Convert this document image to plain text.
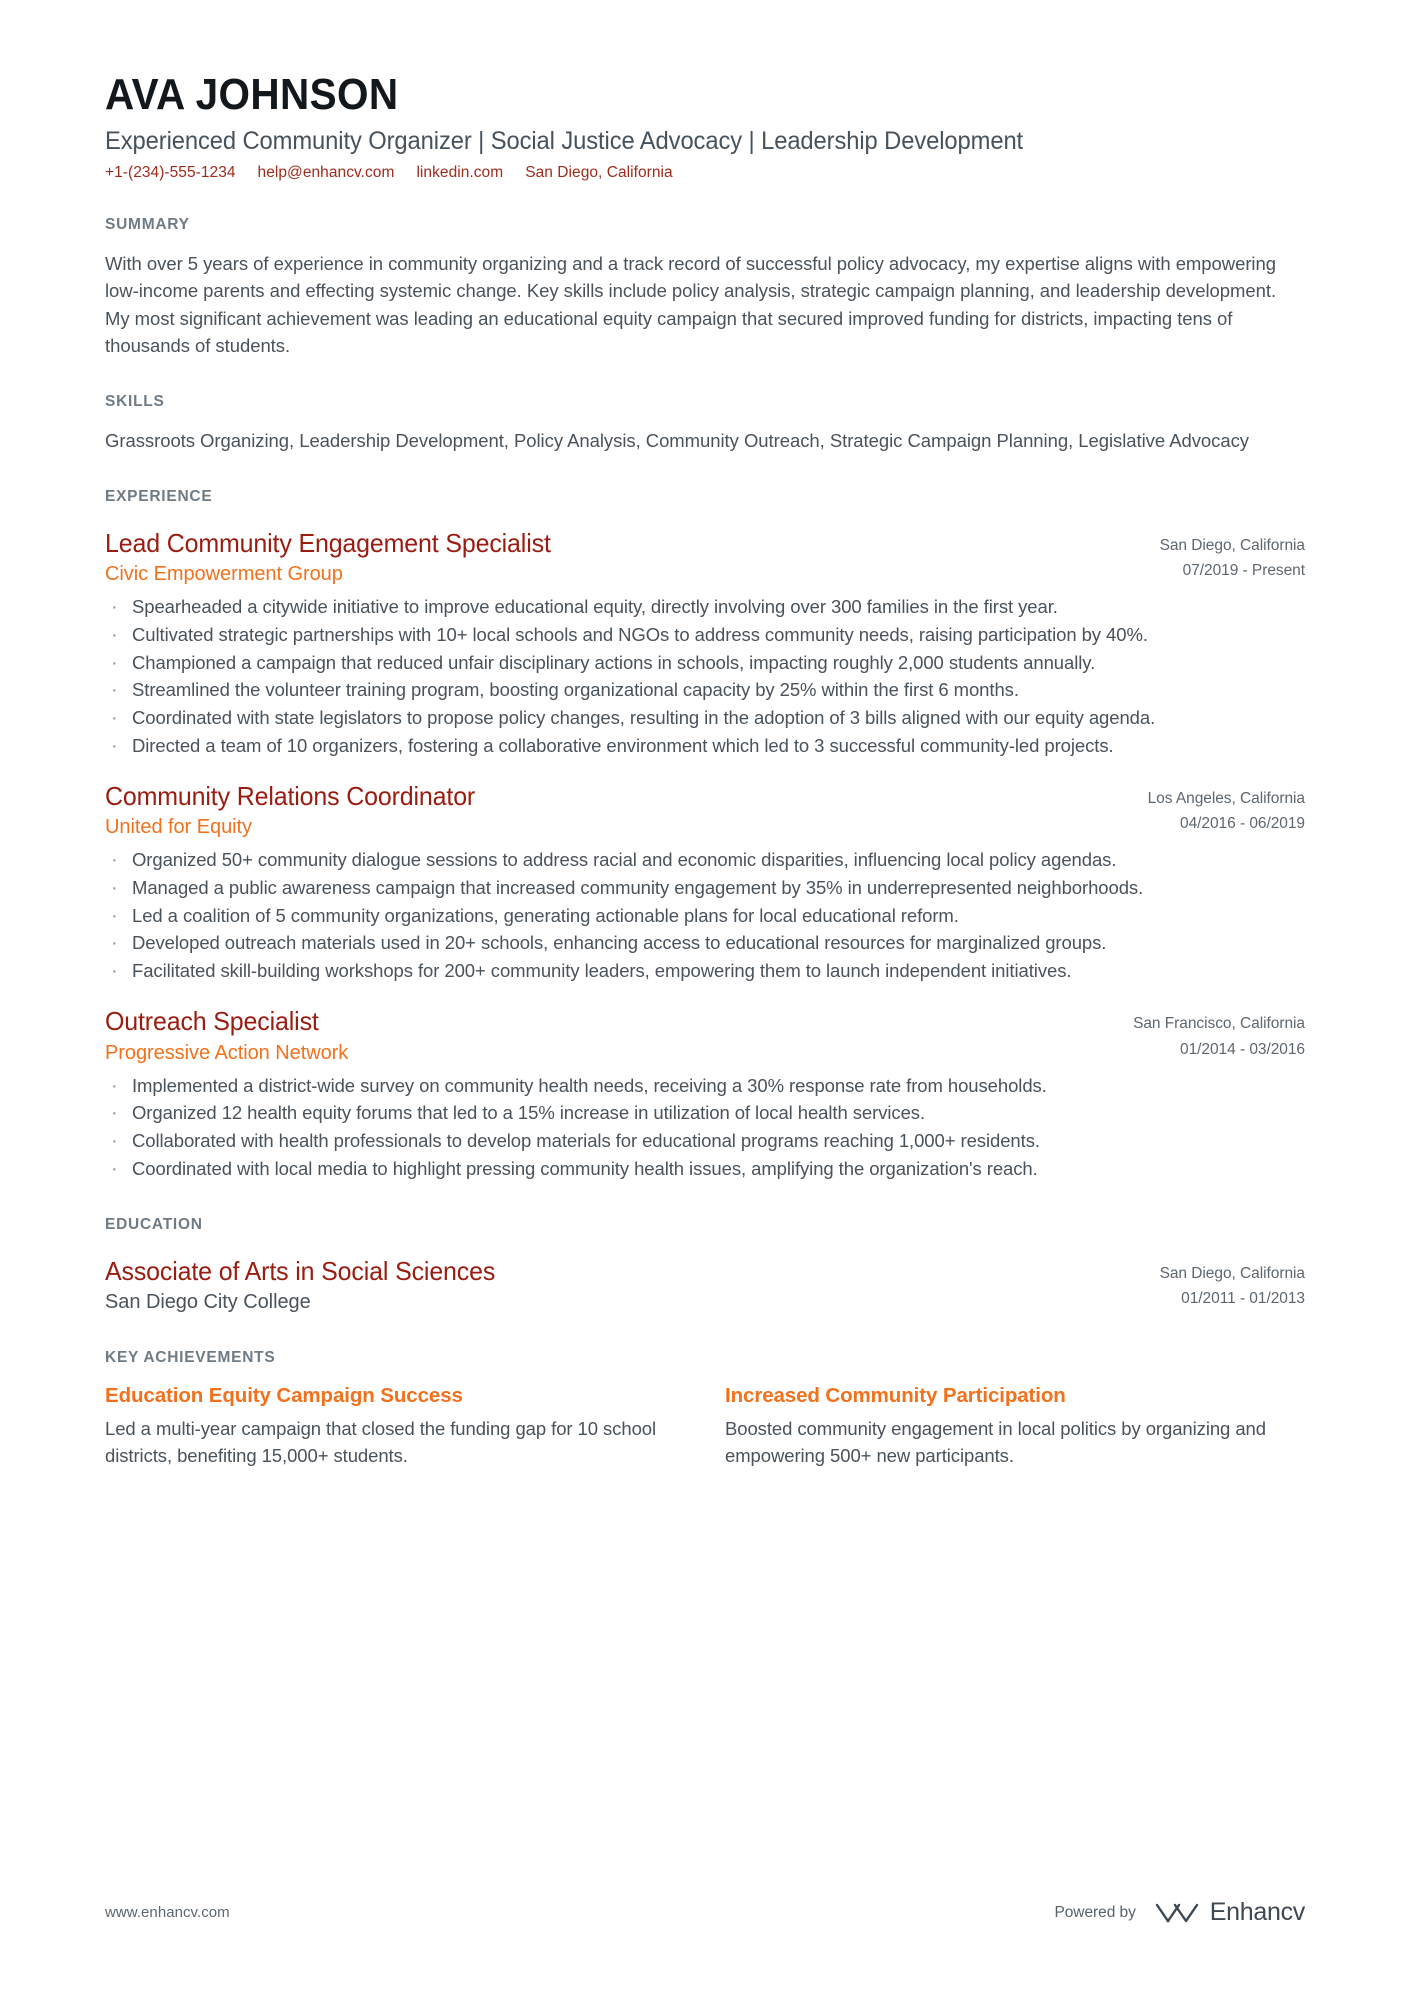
AVA JOHNSON
Experienced Community Organizer | Social Justice Advocacy | Leadership Development
+1-(234)-555-1234 help@enhancv.com linkedin.com San Diego, California
SUMMARY

With over 5 years of experience in community organizing and a track record of successful policy advocacy, my expertise aligns with empowering low-income parents and effecting systemic change. Key skills include policy analysis, strategic campaign planning, and leadership development. My most significant achievement was leading an educational equity campaign that secured improved funding for districts, impacting tens of thousands of students.

SKILLS

Grassroots Organizing, Leadership Development, Policy Analysis, Community Outreach, Strategic Campaign Planning, Legislative Advocacy

EXPERIENCE
Lead Community Engagement Specialist
Civic Empowerment Group
San Diego, California
07/2019 - Present
· Spearheaded a citywide initiative to improve educational equity, directly involving over 300 families in the first year.
· Cultivated strategic partnerships with 10+ local schools and NGOs to address community needs, raising participation by 40%.
· Championed a campaign that reduced unfair disciplinary actions in schools, impacting roughly 2,000 students annually.
· Streamlined the volunteer training program, boosting organizational capacity by 25% within the first 6 months.
· Coordinated with state legislators to propose policy changes, resulting in the adoption of 3 bills aligned with our equity agenda.
· Directed a team of 10 organizers, fostering a collaborative environment which led to 3 successful community-led projects.
Community Relations Coordinator
United for Equity
Los Angeles, California
04/2016 - 06/2019
· Organized 50+ community dialogue sessions to address racial and economic disparities, influencing local policy agendas.
· Managed a public awareness campaign that increased community engagement by 35% in underrepresented neighborhoods.
· Led a coalition of 5 community organizations, generating actionable plans for local educational reform.
· Developed outreach materials used in 20+ schools, enhancing access to educational resources for marginalized groups.
· Facilitated skill-building workshops for 200+ community leaders, empowering them to launch independent initiatives.
Outreach Specialist
Progressive Action Network
San Francisco, California
01/2014 - 03/2016
· Implemented a district-wide survey on community health needs, receiving a 30% response rate from households.
· Organized 12 health equity forums that led to a 15% increase in utilization of local health services.
· Collaborated with health professionals to develop materials for educational programs reaching 1,000+ residents.
· Coordinated with local media to highlight pressing community health issues, amplifying the organization's reach.
EDUCATION
Associate of Arts in Social Sciences
San Diego City College
San Diego, California
01/2011 - 01/2013
KEY ACHIEVEMENTS
Education Equity Campaign Success
Led a multi-year campaign that closed the funding gap for 10 school districts, benefiting 15,000+ students.
Increased Community Participation
Boosted community engagement in local politics by organizing and empowering 500+ new participants.
www.enhancv.com	Powered by	Enhancv
